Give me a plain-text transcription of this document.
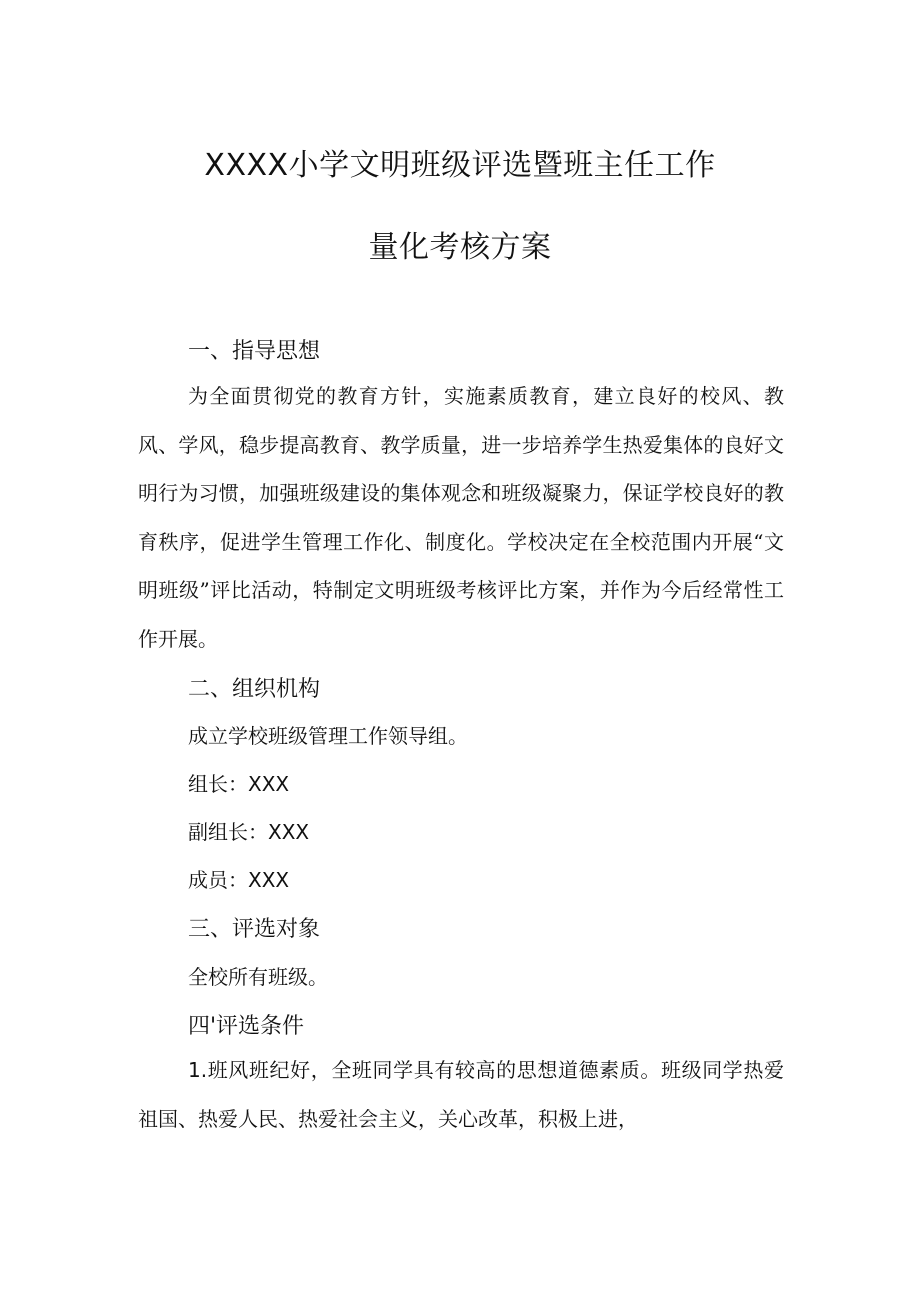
XXXX小学文明班级评选暨班主任工作
量化考核方案
一、指导思想

为全面贯彻党的教育方针，实施素质教育，建立良好的校风、教风、学风，稳步提高教育、教学质量，进一步培养学生热爱集体的良好文明行为习惯，加强班级建设的集体观念和班级凝聚力，保证学校良好的教育秩序，促进学生管理工作化、制度化。学校决定在全校范围内开展“文明班级”评比活动，特制定文明班级考核评比方案，并作为今后经常性工作开展。

二、组织机构

成立学校班级管理工作领导组。

组长：XXX

副组长：XXX

成员：XXX

三、评选对象

全校所有班级。

四'评选条件

1.班风班纪好，全班同学具有较高的思想道德素质。班级同学热爱祖国、热爱人民、热爱社会主义，关心改革，积极上进，
